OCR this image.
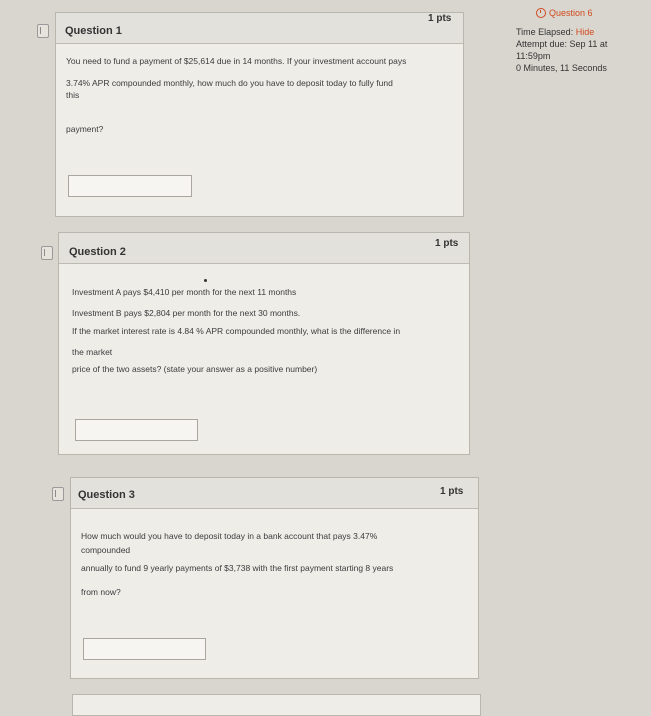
Question 6
Time Elapsed: Hide
Attempt due: Sep 11 at
11:59pm
0 Minutes, 11 Seconds
Question 1
1 pts
You need to fund a payment of $25,614 due in 14 months. If your investment account pays
3.74% APR compounded monthly, how much do you have to deposit today to fully fund
this
payment?
Question 2
1 pts
Investment A pays $4,410 per month for the next 11 months
Investment B pays $2,804 per month for the next 30 months.
If the market interest rate is 4.84 % APR compounded monthly, what is the difference in
the market
price of the two assets? (state your answer as a positive number)
Question 3	1 pts
How much would you have to deposit today in a bank account that pays 3.47%
compounded
annually to fund 9 yearly payments of $3,738 with the first payment starting 8 years
from now?
